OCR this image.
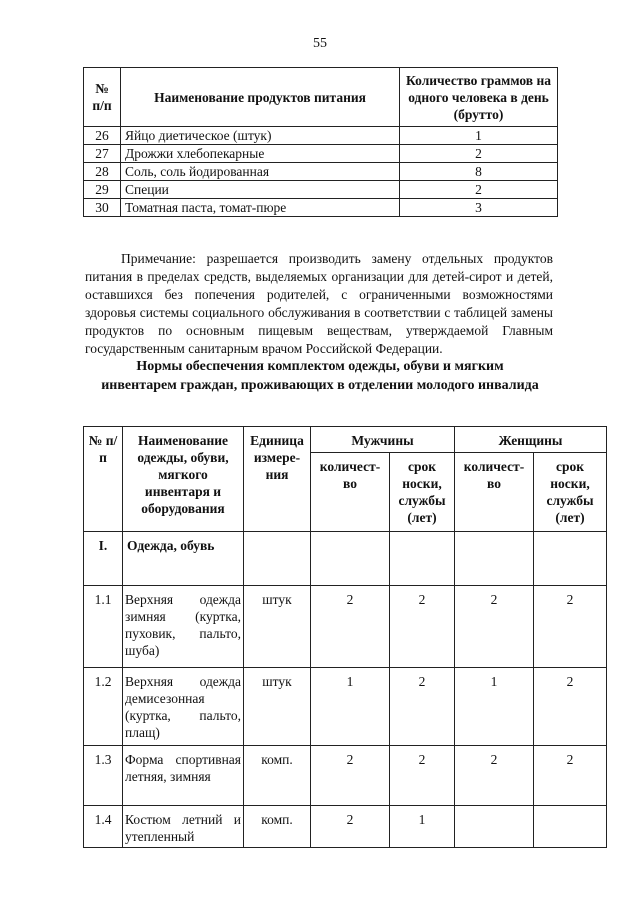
55
№ п/п	Наименование продуктов питания	Количество граммов на одного человека в день (брутто)
26	Яйцо диетическое (штук)	1
27	Дрожжи хлебопекарные	2
28	Соль, соль йодированная	8
29	Специи	2
30	Томатная паста, томат-пюре	3

Примечание: разрешается производить замену отдельных продуктов питания в пределах средств, выделяемых организации для детей-сирот и детей, оставшихся без попечения родителей, с ограниченными возможностями здоровья системы социального обслуживания в соответствии с таблицей замены продуктов по основным пищевым веществам, утверждаемой Главным государственным санитарным врачом Российской Федерации.

Нормы обеспечения комплектом одежды, обуви и мягким
инвентарем граждан, проживающих в отделении молодого инвалида
№ п/п	Наименование одежды, обуви, мягкого инвентаря и оборудования	Единица измере-ния	Мужчины		Женщины	
			количест-во	срок носки, службы (лет)	количест-во	срок носки, службы (лет)
I.	Одежда, обувь					
1.1	Верхняя одежда зимняя (куртка, пуховик, пальто, шуба)	штук	2	2	2	2
1.2	Верхняя одежда демисезонная (куртка, пальто, плащ)	штук	1	2	1	2
1.3	Форма спортивная летняя, зимняя	комп.	2	2	2	2
1.4	Костюм летний и утепленный	комп.	2	1		
